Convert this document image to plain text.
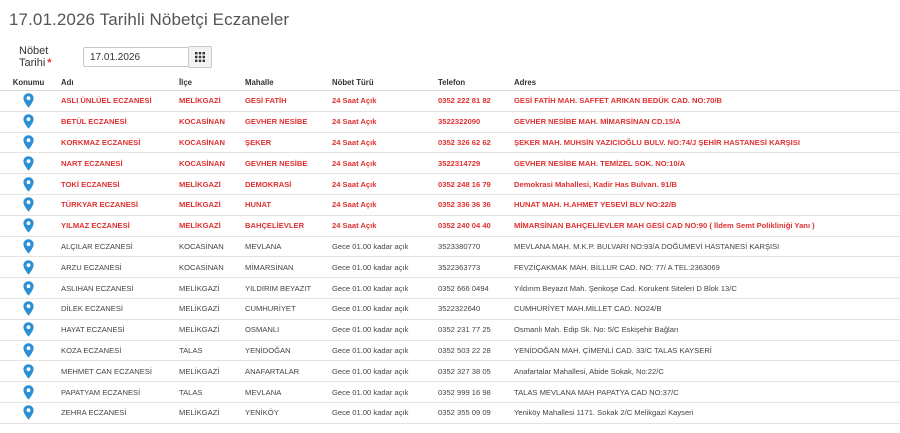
17.01.2026 Tarihli Nöbetçi Eczaneler
Nöbet Tarihi *
17.01.2026
Konumu	Adı	İlçe	Mahalle	Nöbet Türü	Telefon	Adres
	ASLI ÜNLÜEL ECZANESİ	MELİKGAZİ	GESİ FATİH	24 Saat Açık	0352 222 81 82	GESİ FATİH MAH. SAFFET ARIKAN BEDÜK CAD. NO:70/B
	BETÜL ECZANESİ	KOCASİNAN	GEVHER NESİBE	24 Saat Açık	3522322090	GEVHER NESİBE MAH. MİMARSİNAN CD.15/A
	KORKMAZ ECZANESİ	KOCASİNAN	ŞEKER	24 Saat Açık	0352 326 62 62	ŞEKER MAH. MUHSİN YAZICIOĞLU BULV. NO:74/J ŞEHİR HASTANESİ KARŞISI
	NART ECZANESİ	KOCASİNAN	GEVHER NESİBE	24 Saat Açık	3522314729	GEVHER NESİBE MAH. TEMİZEL SOK. NO:10/A
	TOKİ ECZANESİ	MELİKGAZİ	DEMOKRASİ	24 Saat Açık	0352 248 16 79	Demokrasi Mahallesi, Kadir Has Bulvarı. 91/B
	TÜRKYAR ECZANESİ	MELİKGAZİ	HUNAT	24 Saat Açık	0352 336 36 36	HUNAT MAH. H.AHMET YESEVİ BLV NO:22/B
	YILMAZ ECZANESİ	MELİKGAZİ	BAHÇELİEVLER	24 Saat Açık	0352 240 04 40	MİMARSİNAN BAHÇELİEVLER MAH GESİ CAD NO:90 ( İldem Semt Polikliniği Yanı )
	ALÇILAR ECZANESİ	KOCASİNAN	MEVLANA	Gece 01.00 kadar açık	3523380770	MEVLANA MAH. M.K.P. BULVARI NO:93/A DOĞUMEVİ HASTANESİ KARŞISI
	ARZU ECZANESİ	KOCASİNAN	MİMARSİNAN	Gece 01.00 kadar açık	3522363773	FEVZİÇAKMAK MAH. BİLLUR CAD. NO: 77/ A TEL:2363069
	ASLIHAN ECZANESİ	MELİKGAZİ	YILDIRIM BEYAZIT	Gece 01.00 kadar açık	0352 666 0494	Yıldırım Beyazıt Mah. Şenkoşe Cad. Korukent Siteleri D Blok 13/C
	DİLEK ECZANESİ	MELİKGAZİ	CUMHURİYET	Gece 01.00 kadar açık	3522322640	CUMHURİYET MAH.MİLLET CAD. NO24/B
	HAYAT ECZANESİ	MELİKGAZİ	OSMANLI	Gece 01.00 kadar açık	0352 231 77 25	Osmanlı Mah. Edip Sk. No: 5/C Eskişehir Bağları
	KOZA ECZANESİ	TALAS	YENİDOĞAN	Gece 01.00 kadar açık	0352 503 22 28	YENİDOĞAN MAH. ÇİMENLİ CAD. 33/C TALAS KAYSERİ
	MEHMET CAN ECZANESİ	MELİKGAZİ	ANAFARTALAR	Gece 01.00 kadar açık	0352 327 38 05	Anafartalar Mahallesi, Abide Sokak, No:22/C
	PAPATYAM ECZANESİ	TALAS	MEVLANA	Gece 01.00 kadar açık	0352 999 16 98	TALAS MEVLANA MAH PAPATYA CAD NO:37/C
	ZEHRA ECZANESİ	MELİKGAZİ	YENİKÖY	Gece 01.00 kadar açık	0352 355 09 09	Yeniköy Mahallesi 1171. Sokak 2/C Melikgazi Kayseri
